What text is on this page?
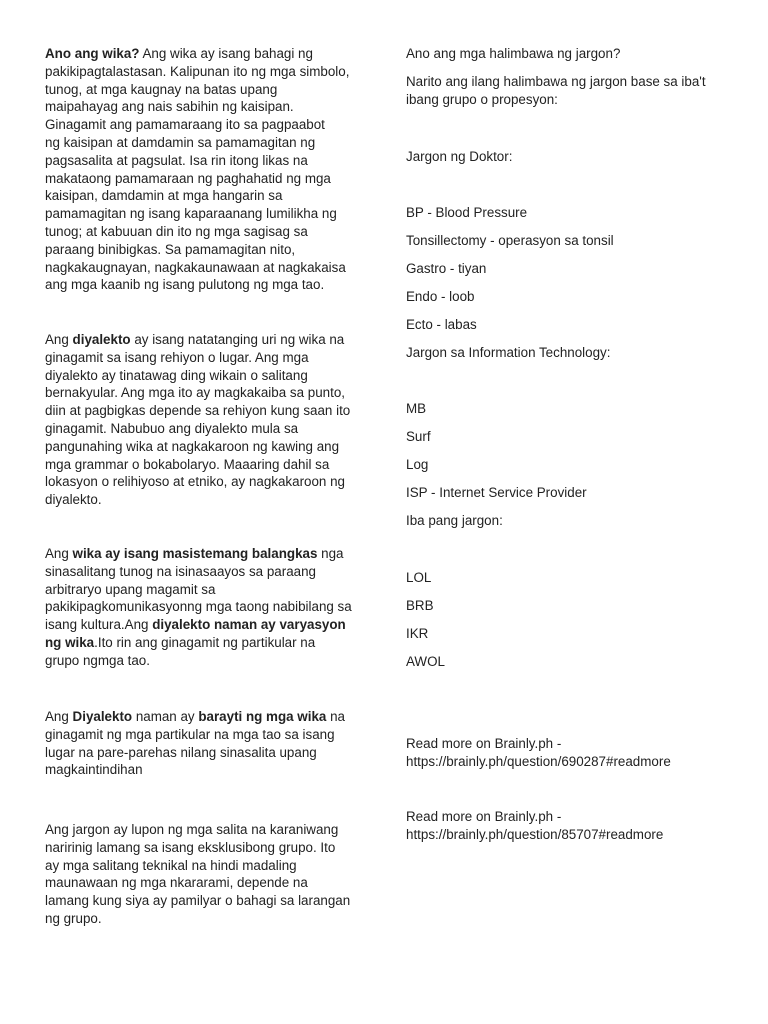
Ano ang wika? Ang wika ay isang bahagi ng
pakikipagtalastasan. Kalipunan ito ng mga simbolo,
tunog, at mga kaugnay na batas upang
maipahayag ang nais sabihin ng kaisipan.
Ginagamit ang pamamaraang ito sa pagpaabot
ng kaisipan at damdamin sa pamamagitan ng
pagsasalita at pagsulat. Isa rin itong likas na
makataong pamamaraan ng paghahatid ng mga
kaisipan, damdamin at mga hangarin sa
pamamagitan ng isang kaparaanang lumilikha ng
tunog; at kabuuan din ito ng mga sagisag sa
paraang binibigkas. Sa pamamagitan nito,
nagkakaugnayan, nagkakaunawaan at nagkakaisa
ang mga kaanib ng isang pulutong ng mga tao.

Ang diyalekto ay isang natatanging uri ng wika na
ginagamit sa isang rehiyon o lugar. Ang mga
diyalekto ay tinatawag ding wikain o salitang
bernakyular. Ang mga ito ay magkakaiba sa punto,
diin at pagbigkas depende sa rehiyon kung saan ito
ginagamit. Nabubuo ang diyalekto mula sa
pangunahing wika at nagkakaroon ng kawing ang
mga grammar o bokabolaryo. Maaaring dahil sa
lokasyon o relihiyoso at etniko, ay nagkakaroon ng
diyalekto.

Ang wika ay isang masistemang balangkas nga
sinasalitang tunog na isinasaayos sa paraang
arbitraryo upang magamit sa
pakikipagkomunikasyonng mga taong nabibilang sa
isang kultura.Ang diyalekto naman ay varyasyon
ng wika.Ito rin ang ginagamit ng partikular na
grupo ngmga tao.

Ang Diyalekto naman ay barayti ng mga wika na
ginagamit ng mga partikular na mga tao sa isang
lugar na pare-parehas nilang sinasalita upang
magkaintindihan

Ang jargon ay lupon ng mga salita na karaniwang
naririnig lamang sa isang eksklusibong grupo. Ito
ay mga salitang teknikal na hindi madaling
maunawaan ng mga nkararami, depende na
lamang kung siya ay pamilyar o bahagi sa larangan
ng grupo.

Ano ang mga halimbawa ng jargon?

Narito ang ilang halimbawa ng jargon base sa iba't
ibang grupo o propesyon:

Jargon ng Doktor:

BP - Blood Pressure

Tonsillectomy - operasyon sa tonsil

Gastro - tiyan

Endo - loob

Ecto - labas

Jargon sa Information Technology:

MB

Surf

Log

ISP - Internet Service Provider

Iba pang jargon:

LOL

BRB

IKR

AWOL

Read more on Brainly.ph -
https://brainly.ph/question/690287#readmore

Read more on Brainly.ph -
https://brainly.ph/question/85707#readmore
